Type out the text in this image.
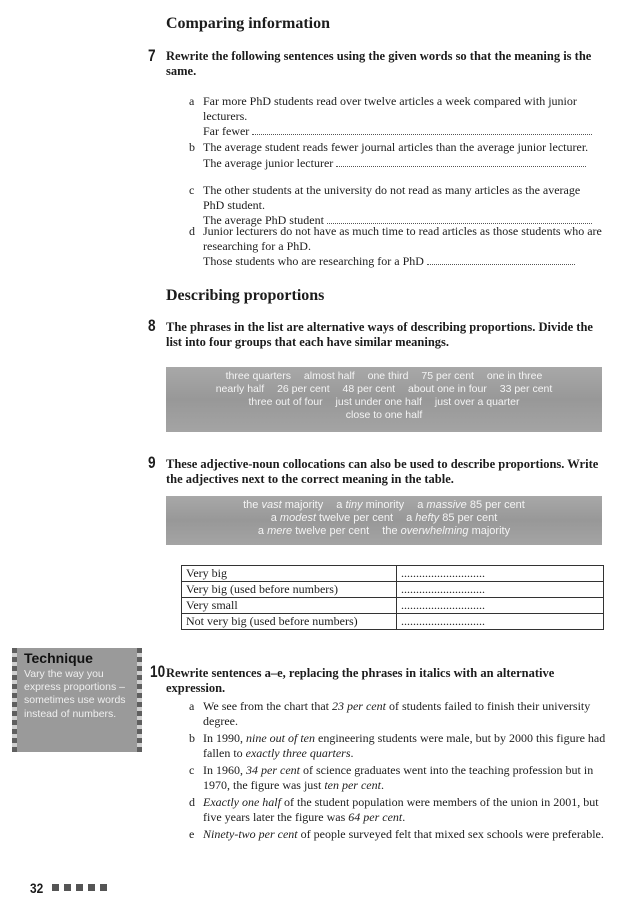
Comparing information
7 Rewrite the following sentences using the given words so that the meaning is the same.
a Far more PhD students read over twelve articles a week compared with junior lecturers.
Far fewer
b The average student reads fewer journal articles than the average junior lecturer.
The average junior lecturer
c The other students at the university do not read as many articles as the average PhD student.
The average PhD student
d Junior lecturers do not have as much time to read articles as those students who are researching for a PhD.
Those students who are researching for a PhD
Describing proportions
8 The phrases in the list are alternative ways of describing proportions. Divide the list into four groups that each have similar meanings.
three quarters almost half one third 75 per cent one in three
nearly half 26 per cent 48 per cent about one in four 33 per cent
three out of four just under one half just over a quarter
close to one half
9 These adjective-noun collocations can also be used to describe proportions. Write the adjectives next to the correct meaning in the table.
the vast majority a tiny minority a massive 85 per cent
a modest twelve per cent a hefty 85 per cent
a mere twelve per cent the overwhelming majority
Very big	............................
Very big (used before numbers)	............................
Very small	............................
Not very big (used before numbers)	............................
Technique
Vary the way you express proportions – sometimes use words instead of numbers.
10 Rewrite sentences a–e, replacing the phrases in italics with an alternative expression.
a We see from the chart that 23 per cent of students failed to finish their university degree.
b In 1990, nine out of ten engineering students were male, but by 2000 this figure had fallen to exactly three quarters.
c In 1960, 34 per cent of science graduates went into the teaching profession but in 1970, the figure was just ten per cent.
d Exactly one half of the student population were members of the union in 2001, but five years later the figure was 64 per cent.
e Ninety-two per cent of people surveyed felt that mixed sex schools were preferable.
32
